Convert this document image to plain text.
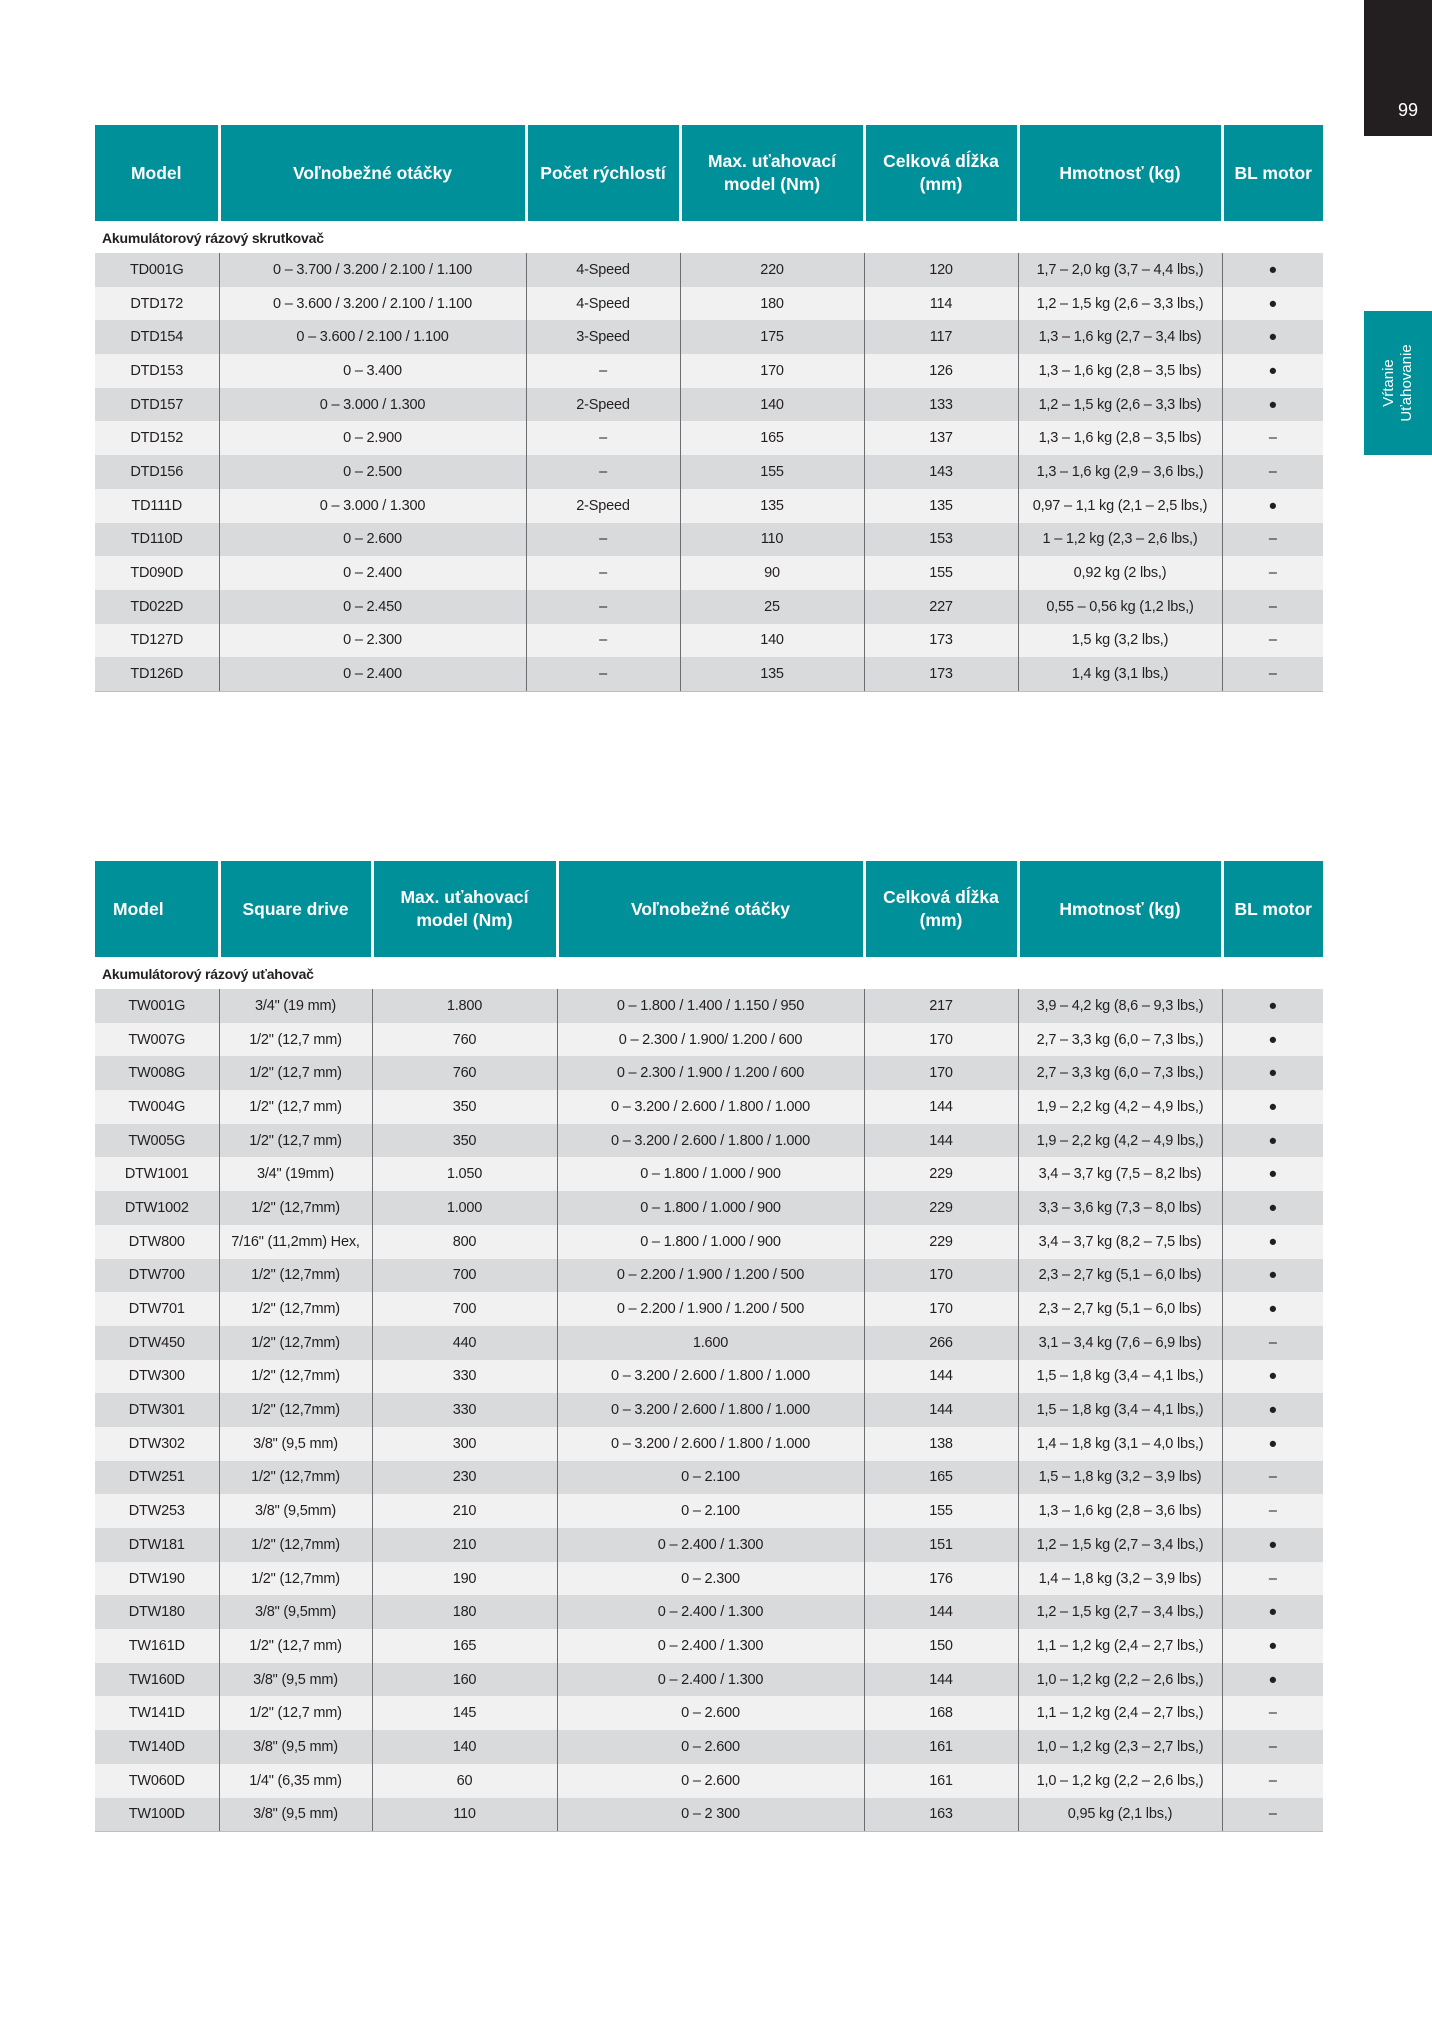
99
Vŕtanie Uťahovanie
Model	Voľnobežné otáčky	Počet rýchlostí	Max. uťahovací model (Nm)	Celková dĺžka (mm)	Hmotnosť (kg)	BL motor
Akumulátorový rázový skrutkovač						
TD001G	0 – 3.700 / 3.200 / 2.100 / 1.100	4-Speed	220	120	1,7 – 2,0 kg (3,7 – 4,4 lbs,)	●
DTD172	0 – 3.600 / 3.200 / 2.100 / 1.100	4-Speed	180	114	1,2 – 1,5 kg (2,6 – 3,3 lbs,)	●
DTD154	0 – 3.600 / 2.100 / 1.100	3-Speed	175	117	1,3 – 1,6 kg (2,7 – 3,4 lbs)	●
DTD153	0 – 3.400	–	170	126	1,3 – 1,6 kg (2,8 – 3,5 lbs)	●
DTD157	0 – 3.000 / 1.300	2-Speed	140	133	1,2 – 1,5 kg (2,6 – 3,3 lbs)	●
DTD152	0 – 2.900	–	165	137	1,3 – 1,6 kg (2,8 – 3,5 lbs)	–
DTD156	0 – 2.500	–	155	143	1,3 – 1,6 kg (2,9 – 3,6 lbs,)	–
TD111D	0 – 3.000 / 1.300	2-Speed	135	135	0,97 – 1,1 kg (2,1 – 2,5 lbs,)	●
TD110D	0 – 2.600	–	110	153	1 – 1,2 kg (2,3 – 2,6 lbs,)	–
TD090D	0 – 2.400	–	90	155	0,92 kg (2 lbs,)	–
TD022D	0 – 2.450	–	25	227	0,55 – 0,56 kg (1,2 lbs,)	–
TD127D	0 – 2.300	–	140	173	1,5 kg (3,2 lbs,)	–
TD126D	0 – 2.400	–	135	173	1,4 kg (3,1 lbs,)	–
Model	Square drive	Max. uťahovací model (Nm)	Voľnobežné otáčky	Celková dĺžka (mm)	Hmotnosť (kg)	BL motor
Akumulátorový rázový uťahovač						
TW001G	3/4" (19 mm)	1.800	0 – 1.800 / 1.400 / 1.150 / 950	217	3,9 – 4,2 kg (8,6 – 9,3 lbs,)	●
TW007G	1/2" (12,7 mm)	760	0 – 2.300 / 1.900/ 1.200 / 600	170	2,7 – 3,3 kg (6,0 – 7,3 lbs,)	●
TW008G	1/2" (12,7 mm)	760	0 – 2.300 / 1.900 / 1.200 / 600	170	2,7 – 3,3 kg (6,0 – 7,3 lbs,)	●
TW004G	1/2" (12,7 mm)	350	0 – 3.200 / 2.600 / 1.800 / 1.000	144	1,9 – 2,2 kg (4,2 – 4,9 lbs,)	●
TW005G	1/2" (12,7 mm)	350	0 – 3.200 / 2.600 / 1.800 / 1.000	144	1,9 – 2,2 kg (4,2 – 4,9 lbs,)	●
DTW1001	3/4" (19mm)	1.050	0 – 1.800 / 1.000 / 900	229	3,4 – 3,7 kg (7,5 – 8,2 lbs)	●
DTW1002	1/2" (12,7mm)	1.000	0 – 1.800 / 1.000 / 900	229	3,3 – 3,6 kg (7,3 – 8,0 lbs)	●
DTW800	7/16" (11,2mm) Hex,	800	0 – 1.800 / 1.000 / 900	229	3,4 – 3,7 kg (8,2 – 7,5 lbs)	●
DTW700	1/2" (12,7mm)	700	0 – 2.200 / 1.900 / 1.200 / 500	170	2,3 – 2,7 kg (5,1 – 6,0 lbs)	●
DTW701	1/2" (12,7mm)	700	0 – 2.200 / 1.900 / 1.200 / 500	170	2,3 – 2,7 kg (5,1 – 6,0 lbs)	●
DTW450	1/2" (12,7mm)	440	1.600	266	3,1 – 3,4 kg (7,6 – 6,9 lbs)	–
DTW300	1/2" (12,7mm)	330	0 – 3.200 / 2.600 / 1.800 / 1.000	144	1,5 – 1,8 kg (3,4 – 4,1 lbs,)	●
DTW301	1/2" (12,7mm)	330	0 – 3.200 / 2.600 / 1.800 / 1.000	144	1,5 – 1,8 kg (3,4 – 4,1 lbs,)	●
DTW302	3/8" (9,5 mm)	300	0 – 3.200 / 2.600 / 1.800 / 1.000	138	1,4 – 1,8 kg (3,1 – 4,0 lbs,)	●
DTW251	1/2" (12,7mm)	230	0 – 2.100	165	1,5 – 1,8 kg (3,2 – 3,9 lbs)	–
DTW253	3/8" (9,5mm)	210	0 – 2.100	155	1,3 – 1,6 kg (2,8 – 3,6 lbs)	–
DTW181	1/2" (12,7mm)	210	0 – 2.400 / 1.300	151	1,2 – 1,5 kg (2,7 – 3,4 lbs,)	●
DTW190	1/2" (12,7mm)	190	0 – 2.300	176	1,4 – 1,8 kg (3,2 – 3,9 lbs)	–
DTW180	3/8" (9,5mm)	180	0 – 2.400 / 1.300	144	1,2 – 1,5 kg (2,7 – 3,4 lbs,)	●
TW161D	1/2" (12,7 mm)	165	0 – 2.400 / 1.300	150	1,1 – 1,2 kg (2,4 – 2,7 lbs,)	●
TW160D	3/8" (9,5 mm)	160	0 – 2.400 / 1.300	144	1,0 – 1,2 kg (2,2 – 2,6 lbs,)	●
TW141D	1/2" (12,7 mm)	145	0 – 2.600	168	1,1 – 1,2 kg (2,4 – 2,7 lbs,)	–
TW140D	3/8" (9,5 mm)	140	0 – 2.600	161	1,0 – 1,2 kg (2,3 – 2,7 lbs,)	–
TW060D	1/4" (6,35 mm)	60	0 – 2.600	161	1,0 – 1,2 kg (2,2 – 2,6 lbs,)	–
TW100D	3/8" (9,5 mm)	110	0 – 2 300	163	0,95 kg (2,1 lbs,)	–
